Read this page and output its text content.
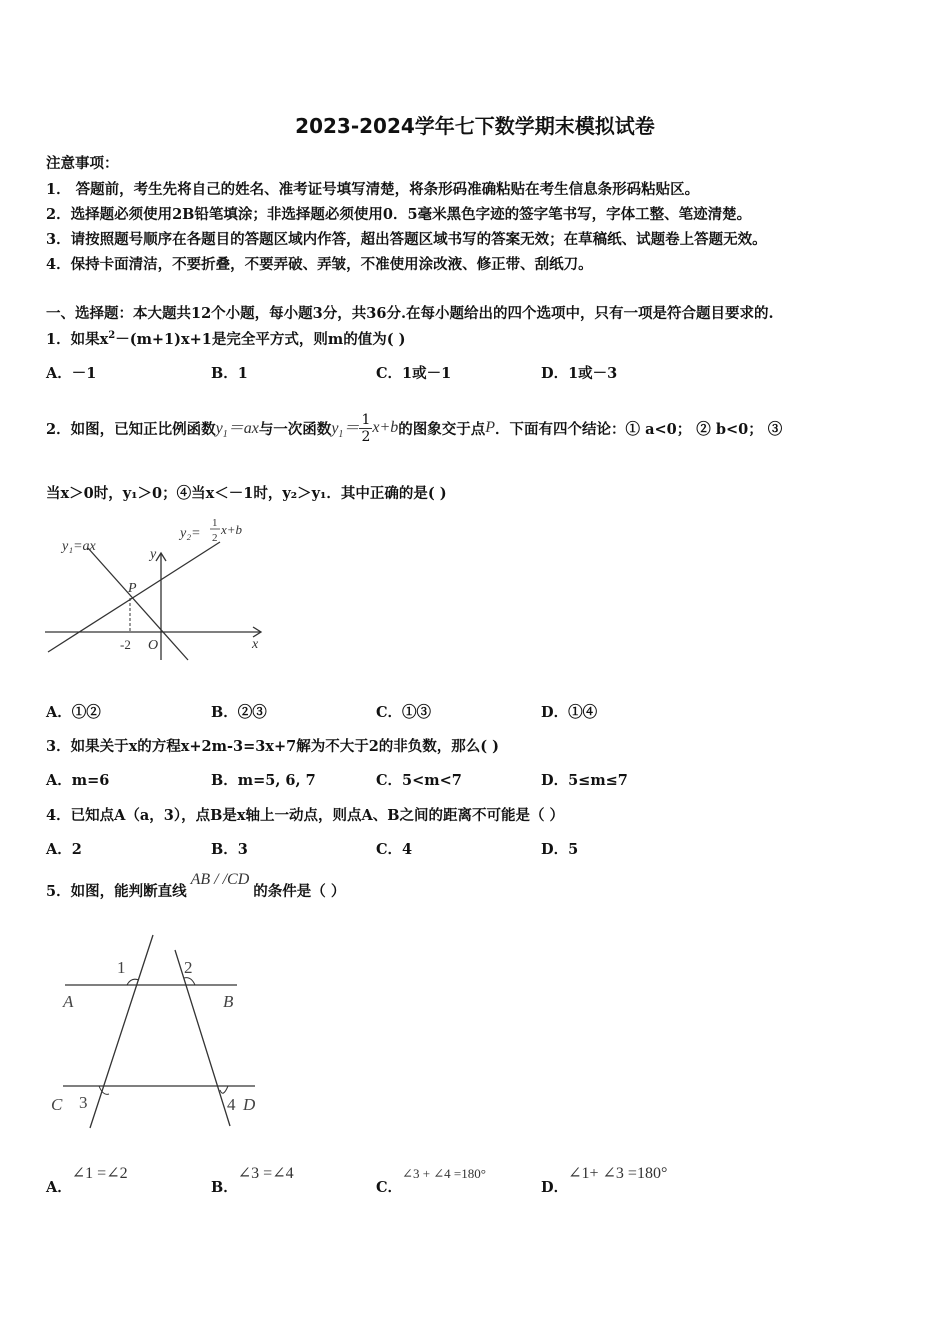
2023-2024学年七下数学期末模拟试卷
注意事项：
1． 答题前，考生先将自己的姓名、准考证号填写清楚，将条形码准确粘贴在考生信息条形码粘贴区。
2．选择题必须使用2B铅笔填涂；非选择题必须使用0．5毫米黑色字迹的签字笔书写，字体工整、笔迹清楚。
3．请按照题号顺序在各题目的答题区域内作答，超出答题区域书写的答案无效；在草稿纸、试题卷上答题无效。
4．保持卡面清洁，不要折叠，不要弄破、弄皱，不准使用涂改液、修正带、刮纸刀。
一、选择题：本大题共12个小题，每小题3分，共36分.在每小题给出的四个选项中，只有一项是符合题目要求的.
1．如果$x^2-(m+1)x+1$是完全平方式，则m的值为( )
A．－1	B．1	C．1或－1	D．1或－3
2．如图，已知正比例函数 $y_1=ax$ 与一次函数 $y_1= \frac{1}{2} x+b$ 的图象交于点 P ．下面有四个结论：① a<0； ② b<0； ③
当x＞0时，y₁＞0；④当x＜－1时，y₂＞y₁．其中正确的是( )
y₁=ax
y₂=
1
2
x+b
y
x
P
-2 O
A．①②	B．②③	C．①③	D．①④
3．如果关于x的方程x+2m-3=3x+7解为不大于2的非负数，那么( )
A．m=6	B．m=5, 6, 7	C．5<m<7	D．5≤m≤7
4．已知点A（a，3），点B是x轴上一动点，则点A、B之间的距离不可能是（ ）
A．2	B．3	C．4	D．5
5．如图，能判断直线
AB / /CD
的条件是（ ）
1	2
3	4
A	B
C	D
A．∠1 =∠2
B．∠3 =∠4
C．∠3 + ∠4 =180°
D．∠1+ ∠3 =180°
